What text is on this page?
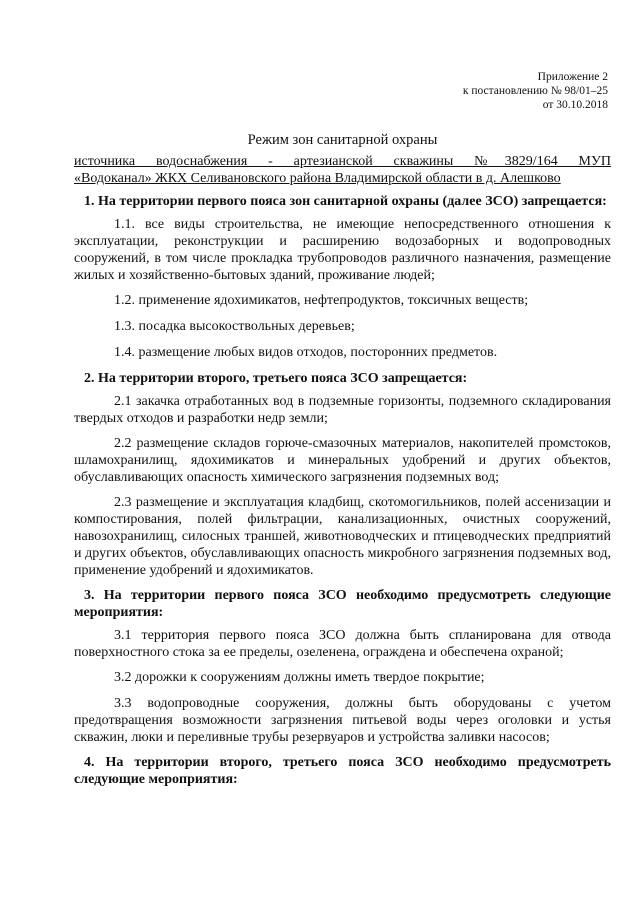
Приложение 2
к постановлению № 98/01–25
от 30.10.2018
Режим зон санитарной охраны
источника водоснабжения - артезианской скважины №3829/164 МУП
«Водоканал» ЖКХ Селивановского района Владимирской области в д. Алешково
1. На территории первого пояса зон санитарной охраны (далее ЗСО) запрещается:

1.1. все виды строительства, не имеющие непосредственного отношения к эксплуатации, реконструкции и расширению водозаборных и водопроводных сооружений, в том числе прокладка трубопроводов различного назначения, размещение жилых и хозяйственно-бытовых зданий, проживание людей;

1.2. применение ядохимикатов, нефтепродуктов, токсичных веществ;

1.3. посадка высокоствольных деревьев;

1.4. размещение любых видов отходов, посторонних предметов.

2. На территории второго, третьего пояса ЗСО запрещается:

2.1 закачка отработанных вод в подземные горизонты, подземного складирования твердых отходов и разработки недр земли;

2.2 размещение складов горюче-смазочных материалов, накопителей промстоков, шламохранилищ, ядохимикатов и минеральных удобрений и других объектов, обуславливающих опасность химического загрязнения подземных вод;

2.3 размещение и эксплуатация кладбищ, скотомогильников, полей ассенизации и компостирования, полей фильтрации, канализационных, очистных сооружений, навозохранилищ, силосных траншей, животноводческих и птицеводческих предприятий и других объектов, обуславливающих опасность микробного загрязнения подземных вод, применение удобрений и ядохимикатов.

3. На территории первого пояса ЗСО необходимо предусмотреть следующие мероприятия:

3.1 территория первого пояса ЗСО должна быть спланирована для отвода поверхностного стока за ее пределы, озеленена, ограждена и обеспечена охраной;

3.2 дорожки к сооружениям должны иметь твердое покрытие;

3.3 водопроводные сооружения, должны быть оборудованы с учетом предотвращения возможности загрязнения питьевой воды через оголовки и устья скважин, люки и переливные трубы резервуаров и устройства заливки насосов;

4. На территории второго, третьего пояса ЗСО необходимо предусмотреть следующие мероприятия:
